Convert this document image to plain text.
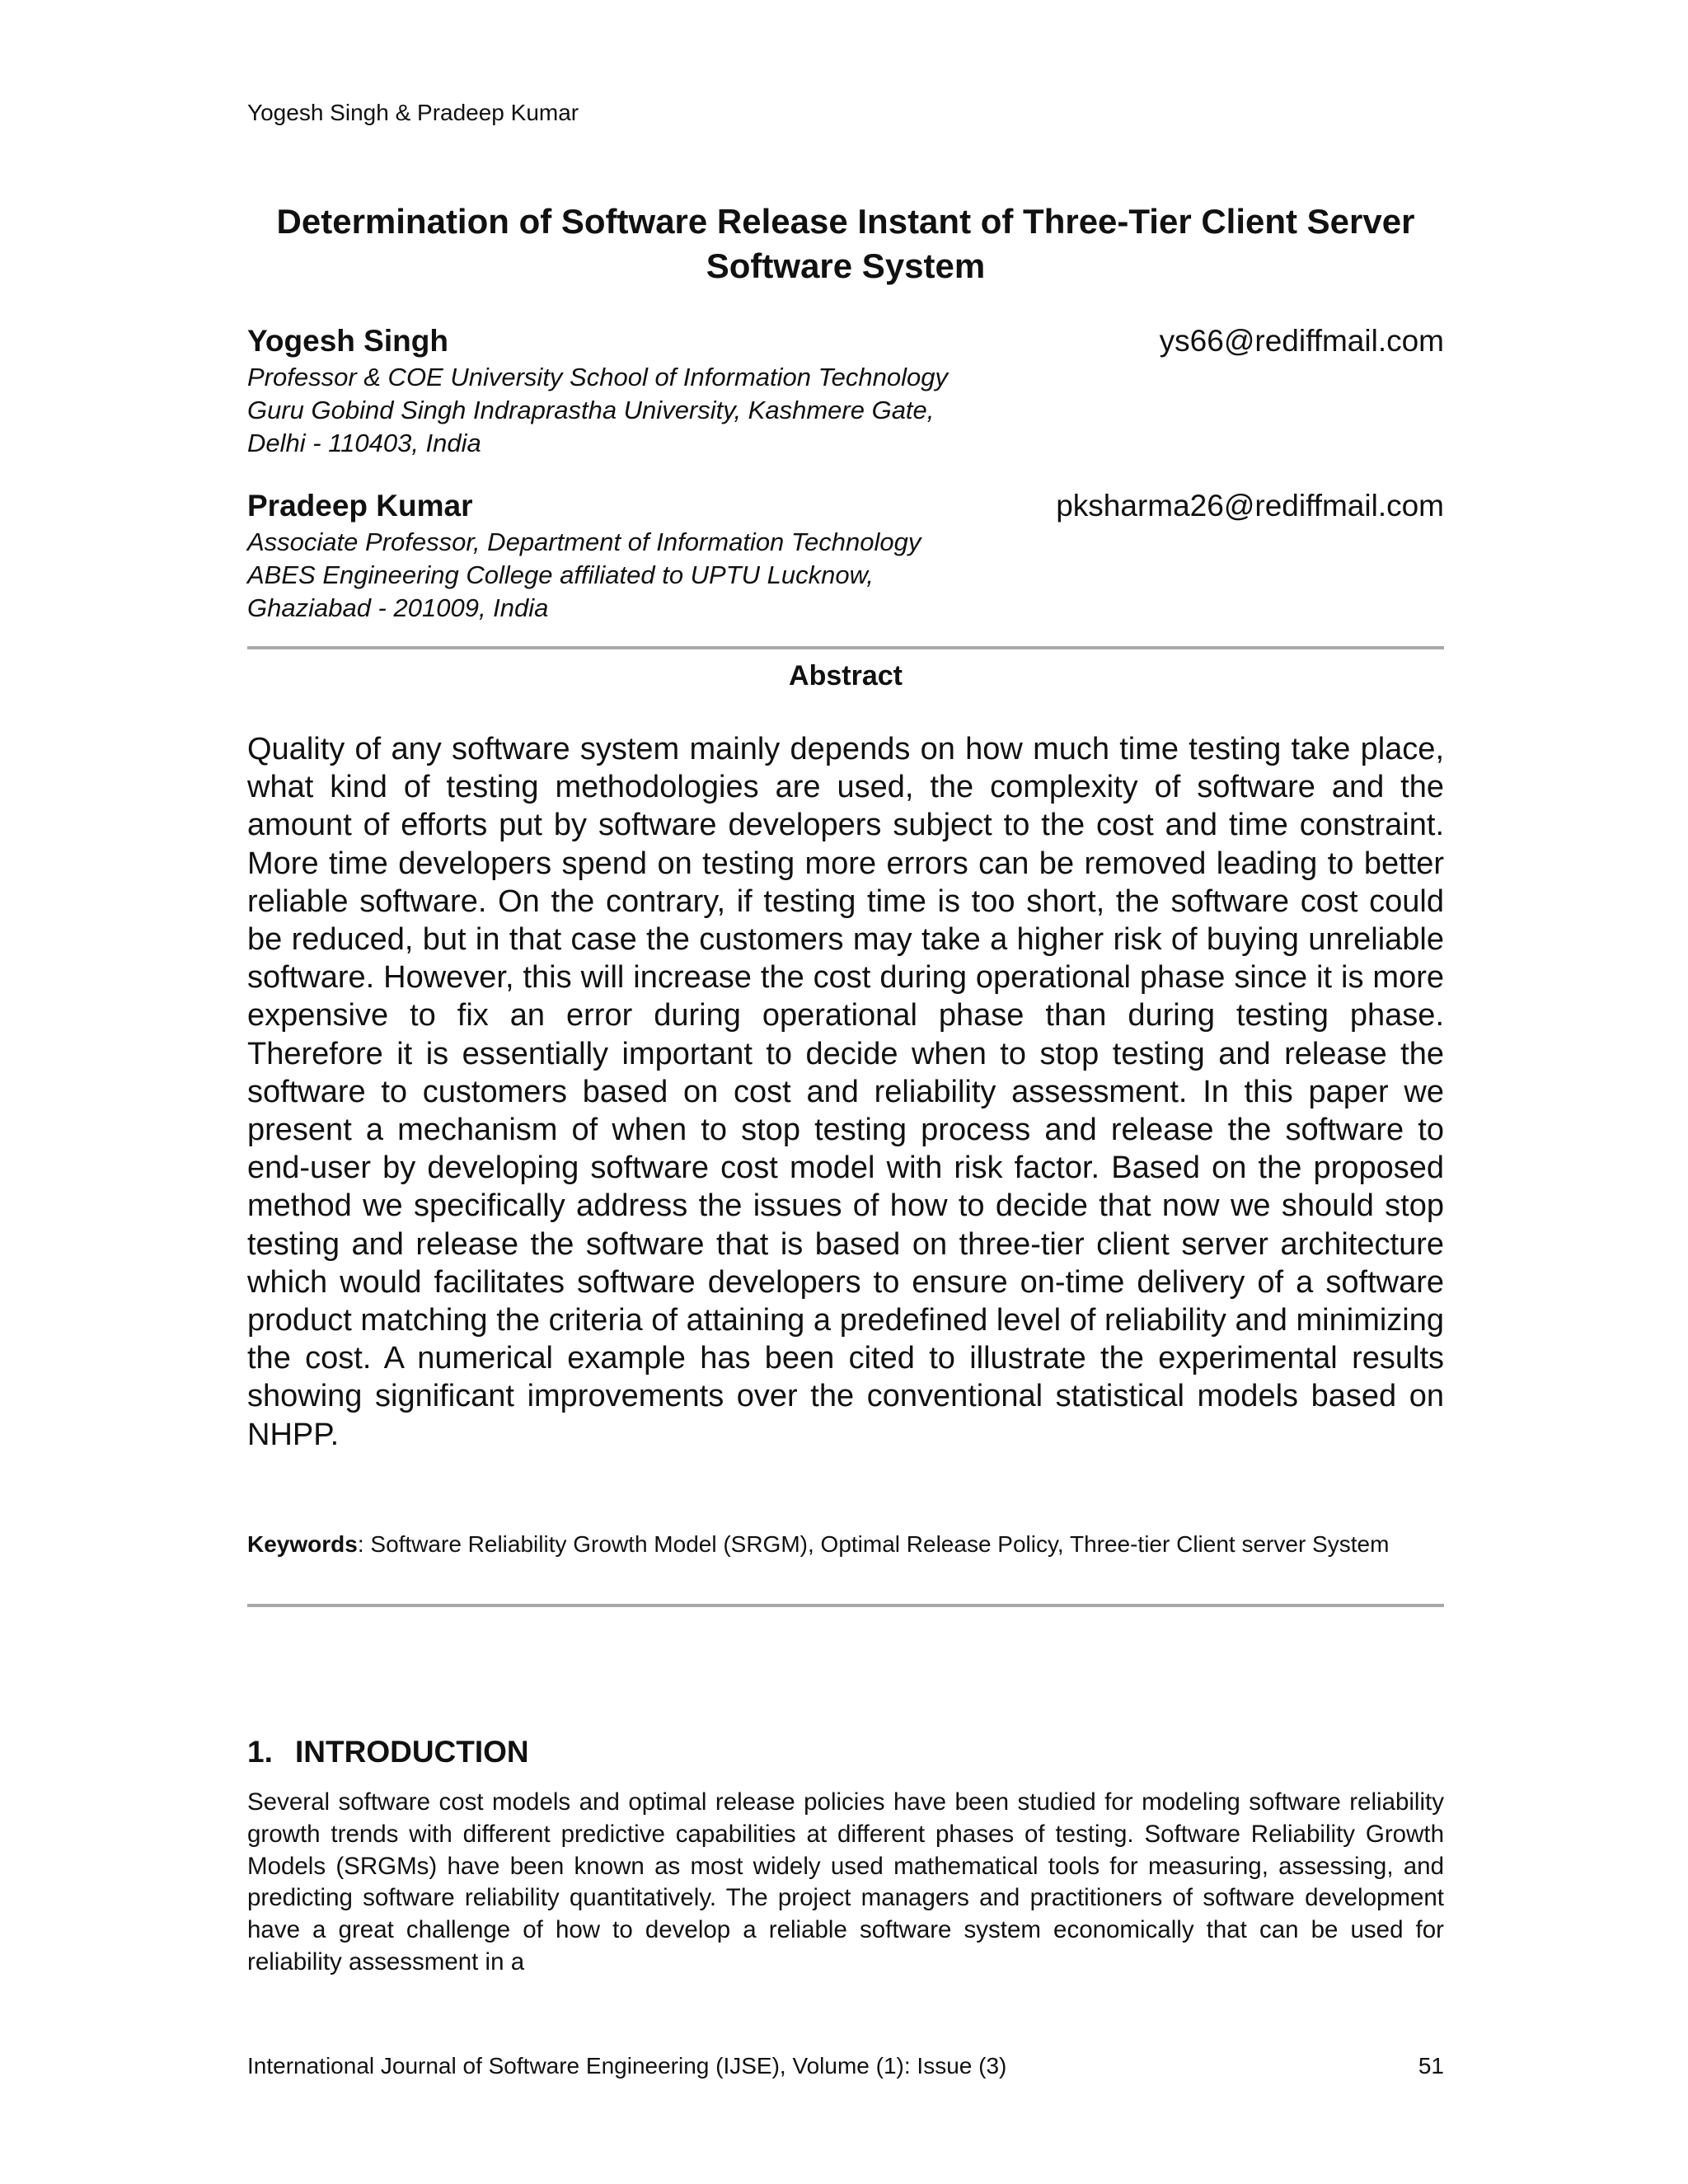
Yogesh Singh & Pradeep Kumar
Determination of Software Release Instant of Three-Tier Client Server Software System
Yogesh Singh	ys66@rediffmail.com
Professor & COE University School of Information Technology
Guru Gobind Singh Indraprastha University, Kashmere Gate,
Delhi - 110403, India
Pradeep Kumar	pksharma26@rediffmail.com
Associate Professor, Department of Information Technology
ABES Engineering College affiliated to UPTU Lucknow,
Ghaziabad - 201009, India
Abstract
Quality of any software system mainly depends on how much time testing take place, what kind of testing methodologies are used, the complexity of software and the amount of efforts put by software developers subject to the cost and time constraint. More time developers spend on testing more errors can be removed leading to better reliable software. On the contrary, if testing time is too short, the software cost could be reduced, but in that case the customers may take a higher risk of buying unreliable software. However, this will increase the cost during operational phase since it is more expensive to fix an error during operational phase than during testing phase. Therefore it is essentially important to decide when to stop testing and release the software to customers based on cost and reliability assessment. In this paper we present a mechanism of when to stop testing process and release the software to end-user by developing software cost model with risk factor. Based on the proposed method we specifically address the issues of how to decide that now we should stop testing and release the software that is based on three-tier client server architecture which would facilitates software developers to ensure on-time delivery of a software product matching the criteria of attaining a predefined level of reliability and minimizing the cost. A numerical example has been cited to illustrate the experimental results showing significant improvements over the conventional statistical models based on NHPP.
Keywords: Software Reliability Growth Model (SRGM), Optimal Release Policy, Three-tier Client server System
1. INTRODUCTION
Several software cost models and optimal release policies have been studied for modeling software reliability growth trends with different predictive capabilities at different phases of testing. Software Reliability Growth Models (SRGMs) have been known as most widely used mathematical tools for measuring, assessing, and predicting software reliability quantitatively. The project managers and practitioners of software development have a great challenge of how to develop a reliable software system economically that can be used for reliability assessment in a
International Journal of Software Engineering (IJSE), Volume (1): Issue (3)	51
